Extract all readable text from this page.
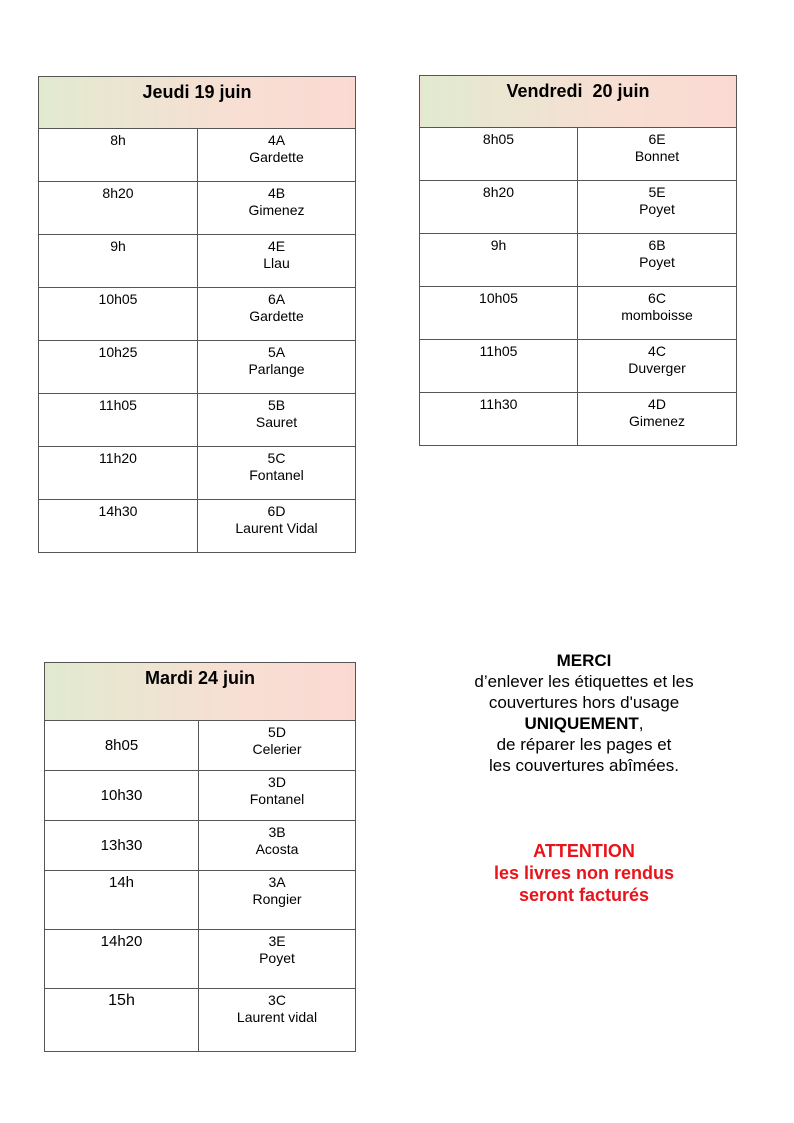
Jeudi 19 juin	

8h	4A
Gardette

8h20	4B
Gimenez

9h	4E
Llau

10h05	6A
Gardette

10h25	5A
Parlange

11h05	5B
Sauret

11h20	5C
Fontanel

14h30	6D
Laurent Vidal
Vendredi  20 juin	

8h05	6E
Bonnet

8h20	5E
Poyet

9h	6B
Poyet

10h05	6C
momboisse

11h05	4C
Duverger

11h30	4D
Gimenez
Mardi 24 juin	

8h05	5D
Celerier

10h30	3D
Fontanel

13h30	3B
Acosta

14h	3A
Rongier

14h20	3E
Poyet

15h	3C
Laurent vidal
MERCI
d’enlever les étiquettes et les
couvertures hors d'usage
UNIQUEMENT,
de réparer les pages et
les couvertures abîmées.
ATTENTION
les livres non rendus
seront facturés
